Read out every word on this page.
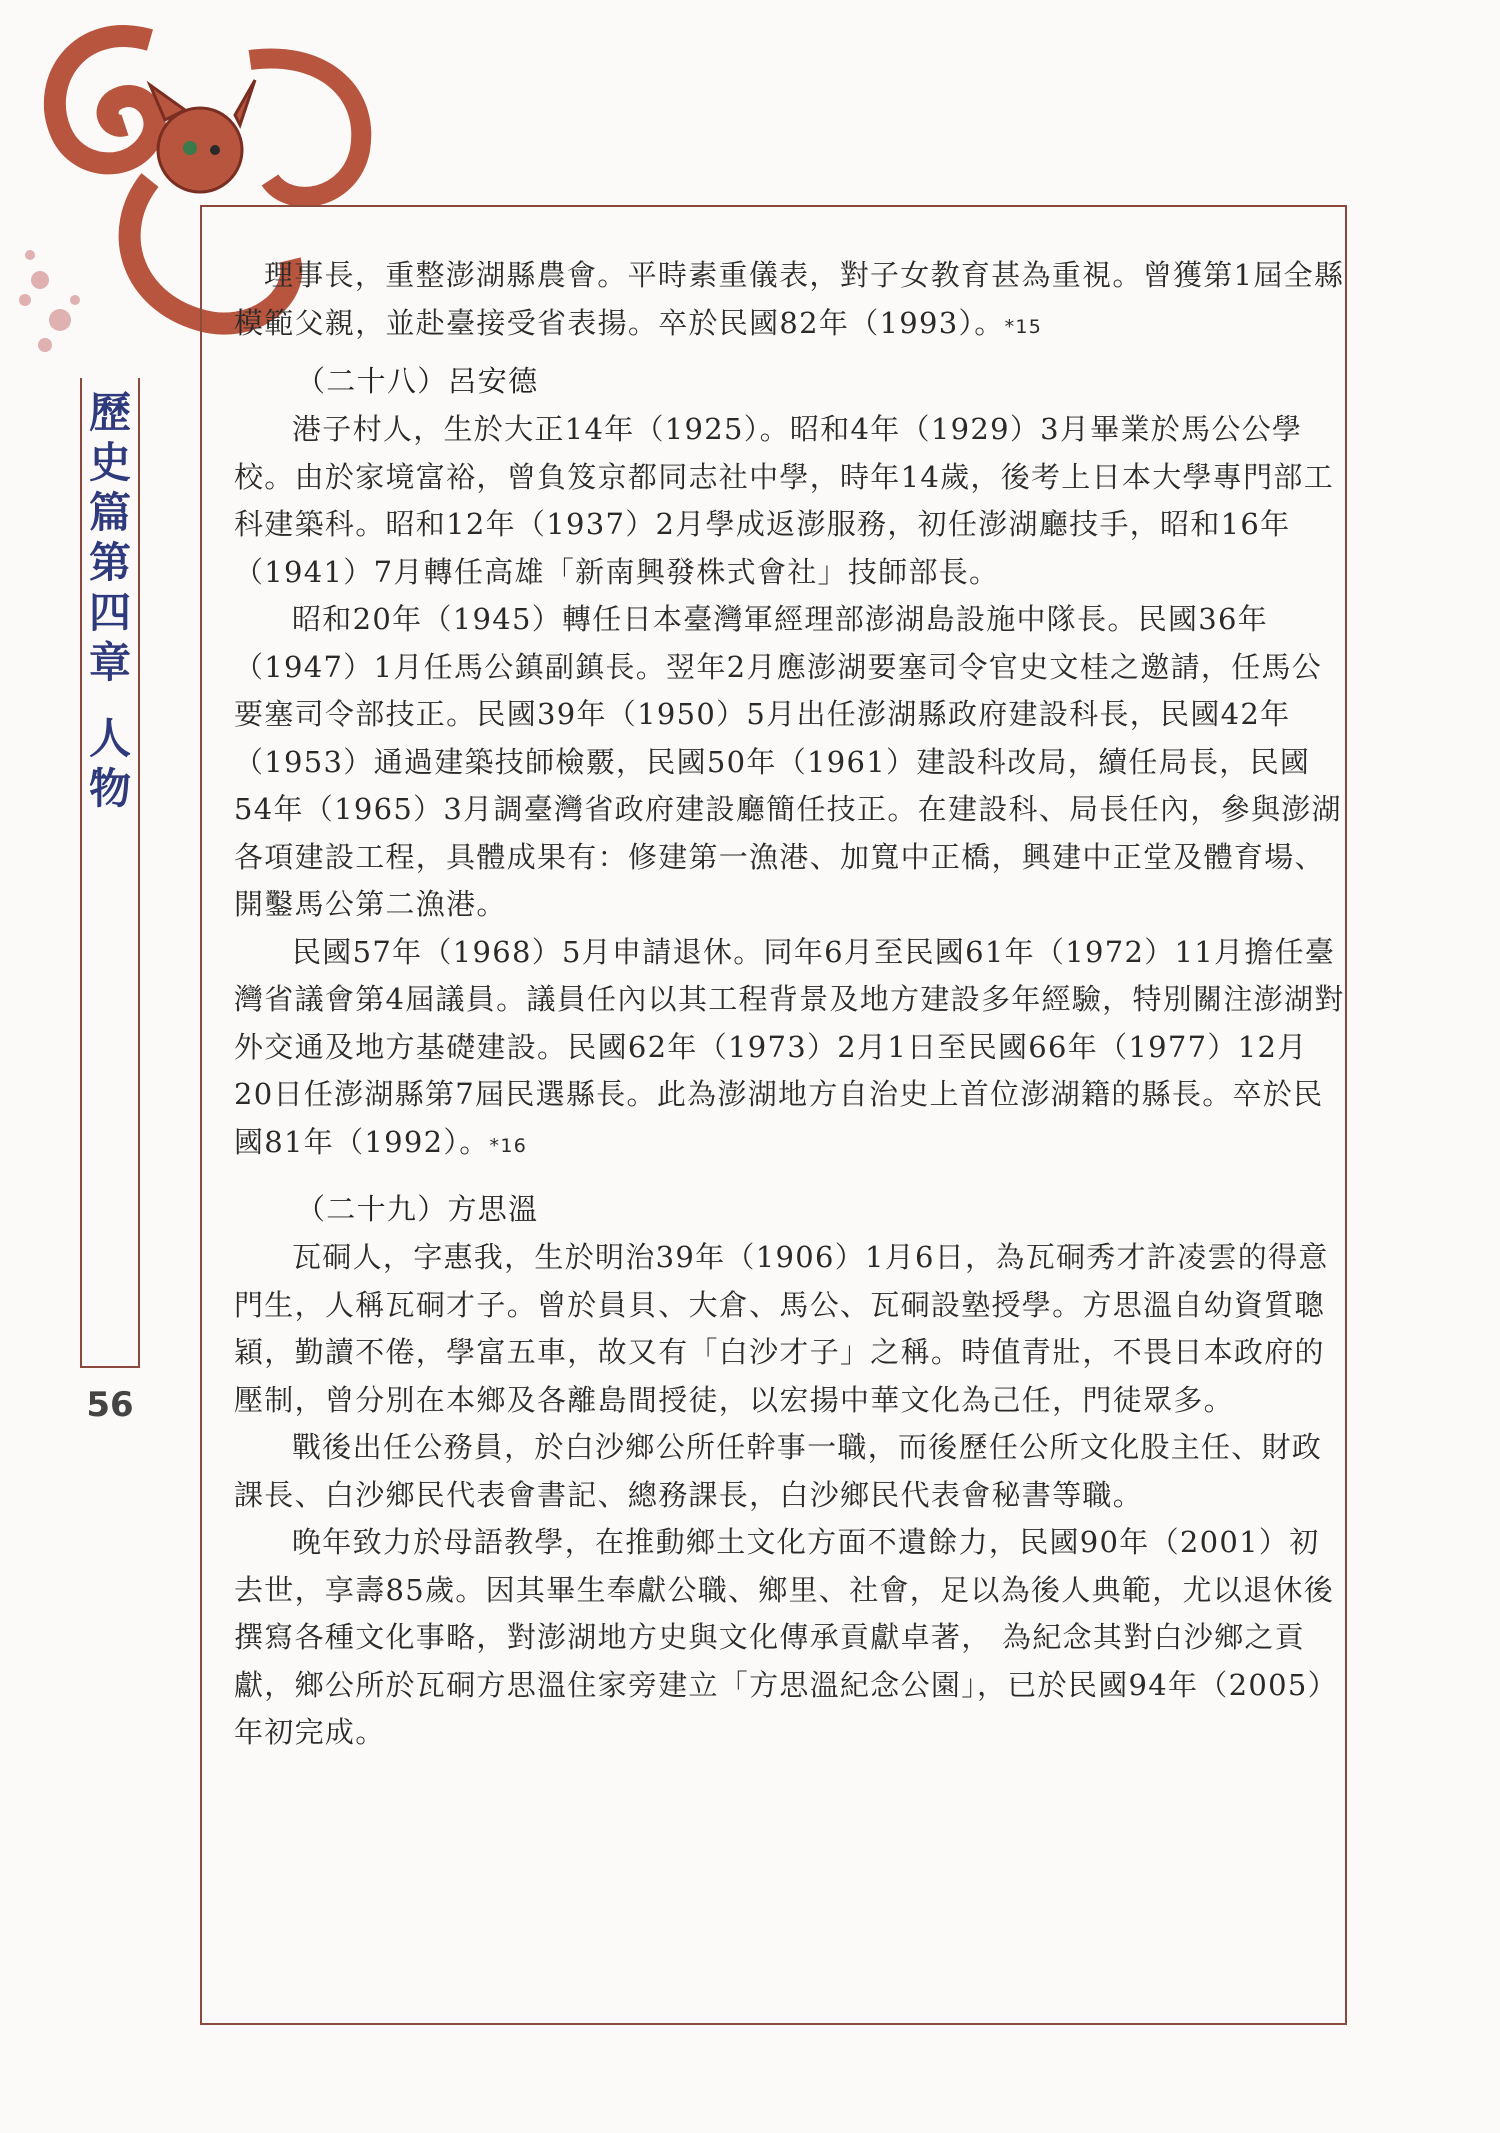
歷
史
篇
第
四
章
人
物
56

理事長，重整澎湖縣農會。平時素重儀表，對子女教育甚為重視。曾獲第1屆全縣模範父親，並赴臺接受省表揚。卒於民國82年（1993）。*15

（二十八）呂安德

港子村人，生於大正14年（1925）。昭和4年（1929）3月畢業於馬公公學校。由於家境富裕，曾負笈京都同志社中學，時年14歲，後考上日本大學專門部工科建築科。昭和12年（1937）2月學成返澎服務，初任澎湖廳技手，昭和16年（1941）7月轉任高雄「新南興發株式會社」技師部長。

昭和20年（1945）轉任日本臺灣軍經理部澎湖島設施中隊長。民國36年（1947）1月任馬公鎮副鎮長。翌年2月應澎湖要塞司令官史文桂之邀請，任馬公要塞司令部技正。民國39年（1950）5月出任澎湖縣政府建設科長，民國42年（1953）通過建築技師檢覈，民國50年（1961）建設科改局，續任局長，民國54年（1965）3月調臺灣省政府建設廳簡任技正。在建設科、局長任內，參與澎湖各項建設工程，具體成果有：修建第一漁港、加寬中正橋，興建中正堂及體育場、開鑿馬公第二漁港。

民國57年（1968）5月申請退休。同年6月至民國61年（1972）11月擔任臺灣省議會第4屆議員。議員任內以其工程背景及地方建設多年經驗，特別關注澎湖對外交通及地方基礎建設。民國62年（1973）2月1日至民國66年（1977）12月20日任澎湖縣第7屆民選縣長。此為澎湖地方自治史上首位澎湖籍的縣長。卒於民國81年（1992）。*16

（二十九）方思溫

瓦硐人，字惠我，生於明治39年（1906）1月6日，為瓦硐秀才許凌雲的得意門生，人稱瓦硐才子。曾於員貝、大倉、馬公、瓦硐設塾授學。方思溫自幼資質聰穎，勤讀不倦，學富五車，故又有「白沙才子」之稱。時值青壯，不畏日本政府的壓制，曾分別在本鄉及各離島間授徒，以宏揚中華文化為己任，門徒眾多。

戰後出任公務員，於白沙鄉公所任幹事一職，而後歷任公所文化股主任、財政課長、白沙鄉民代表會書記、總務課長，白沙鄉民代表會秘書等職。

晚年致力於母語教學，在推動鄉土文化方面不遺餘力，民國90年（2001）初去世，享壽85歲。因其畢生奉獻公職、鄉里、社會，足以為後人典範，尤以退休後撰寫各種文化事略，對澎湖地方史與文化傳承貢獻卓著， 為紀念其對白沙鄉之貢獻，鄉公所於瓦硐方思溫住家旁建立「方思溫紀念公園」，已於民國94年（2005）年初完成。
